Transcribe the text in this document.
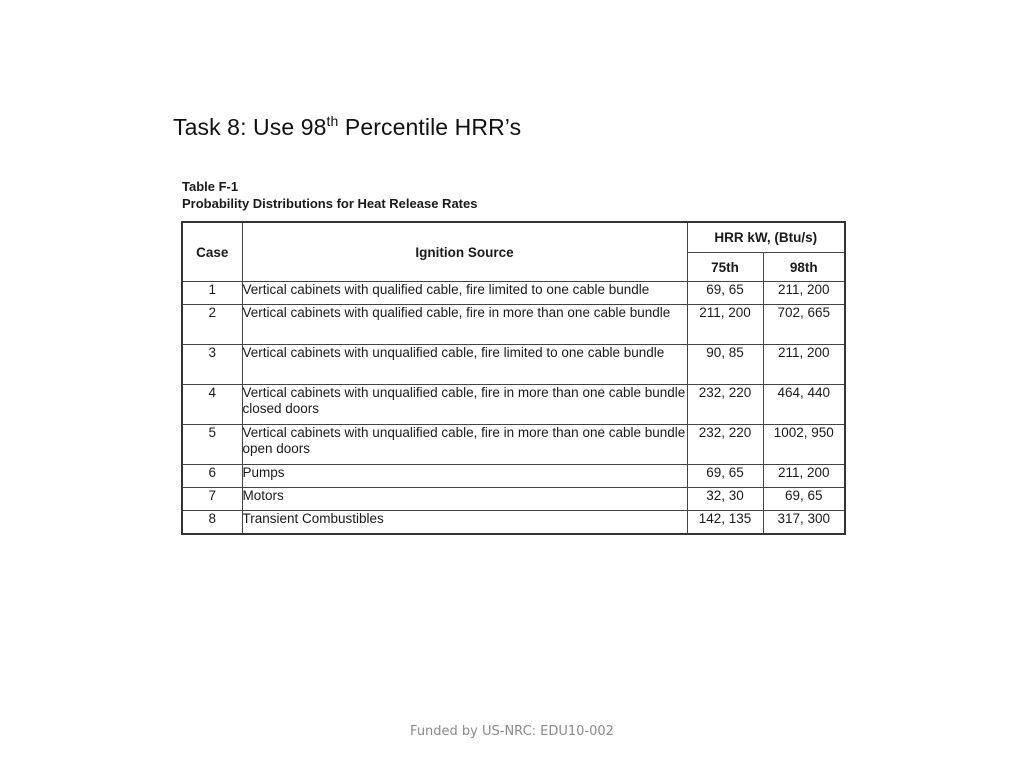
Task 8: Use 98th Percentile HRR’s
Table F-1
Probability Distributions for Heat Release Rates
Case	Ignition Source	HRR kW, (Btu/s)	
		75th	98th
1	Vertical cabinets with qualified cable, fire limited to one cable bundle	69, 65	211, 200
2	Vertical cabinets with qualified cable, fire in more than one cable bundle	211, 200	702, 665
3	Vertical cabinets with unqualified cable, fire limited to one cable bundle	90, 85	211, 200
4	Vertical cabinets with unqualified cable, fire in more than one cable bundle closed doors	232, 220	464, 440
5	Vertical cabinets with unqualified cable, fire in more than one cable bundle open doors	232, 220	1002, 950
6	Pumps	69, 65	211, 200
7	Motors	32, 30	69, 65
8	Transient Combustibles	142, 135	317, 300
Funded by US-NRC: EDU10-002
